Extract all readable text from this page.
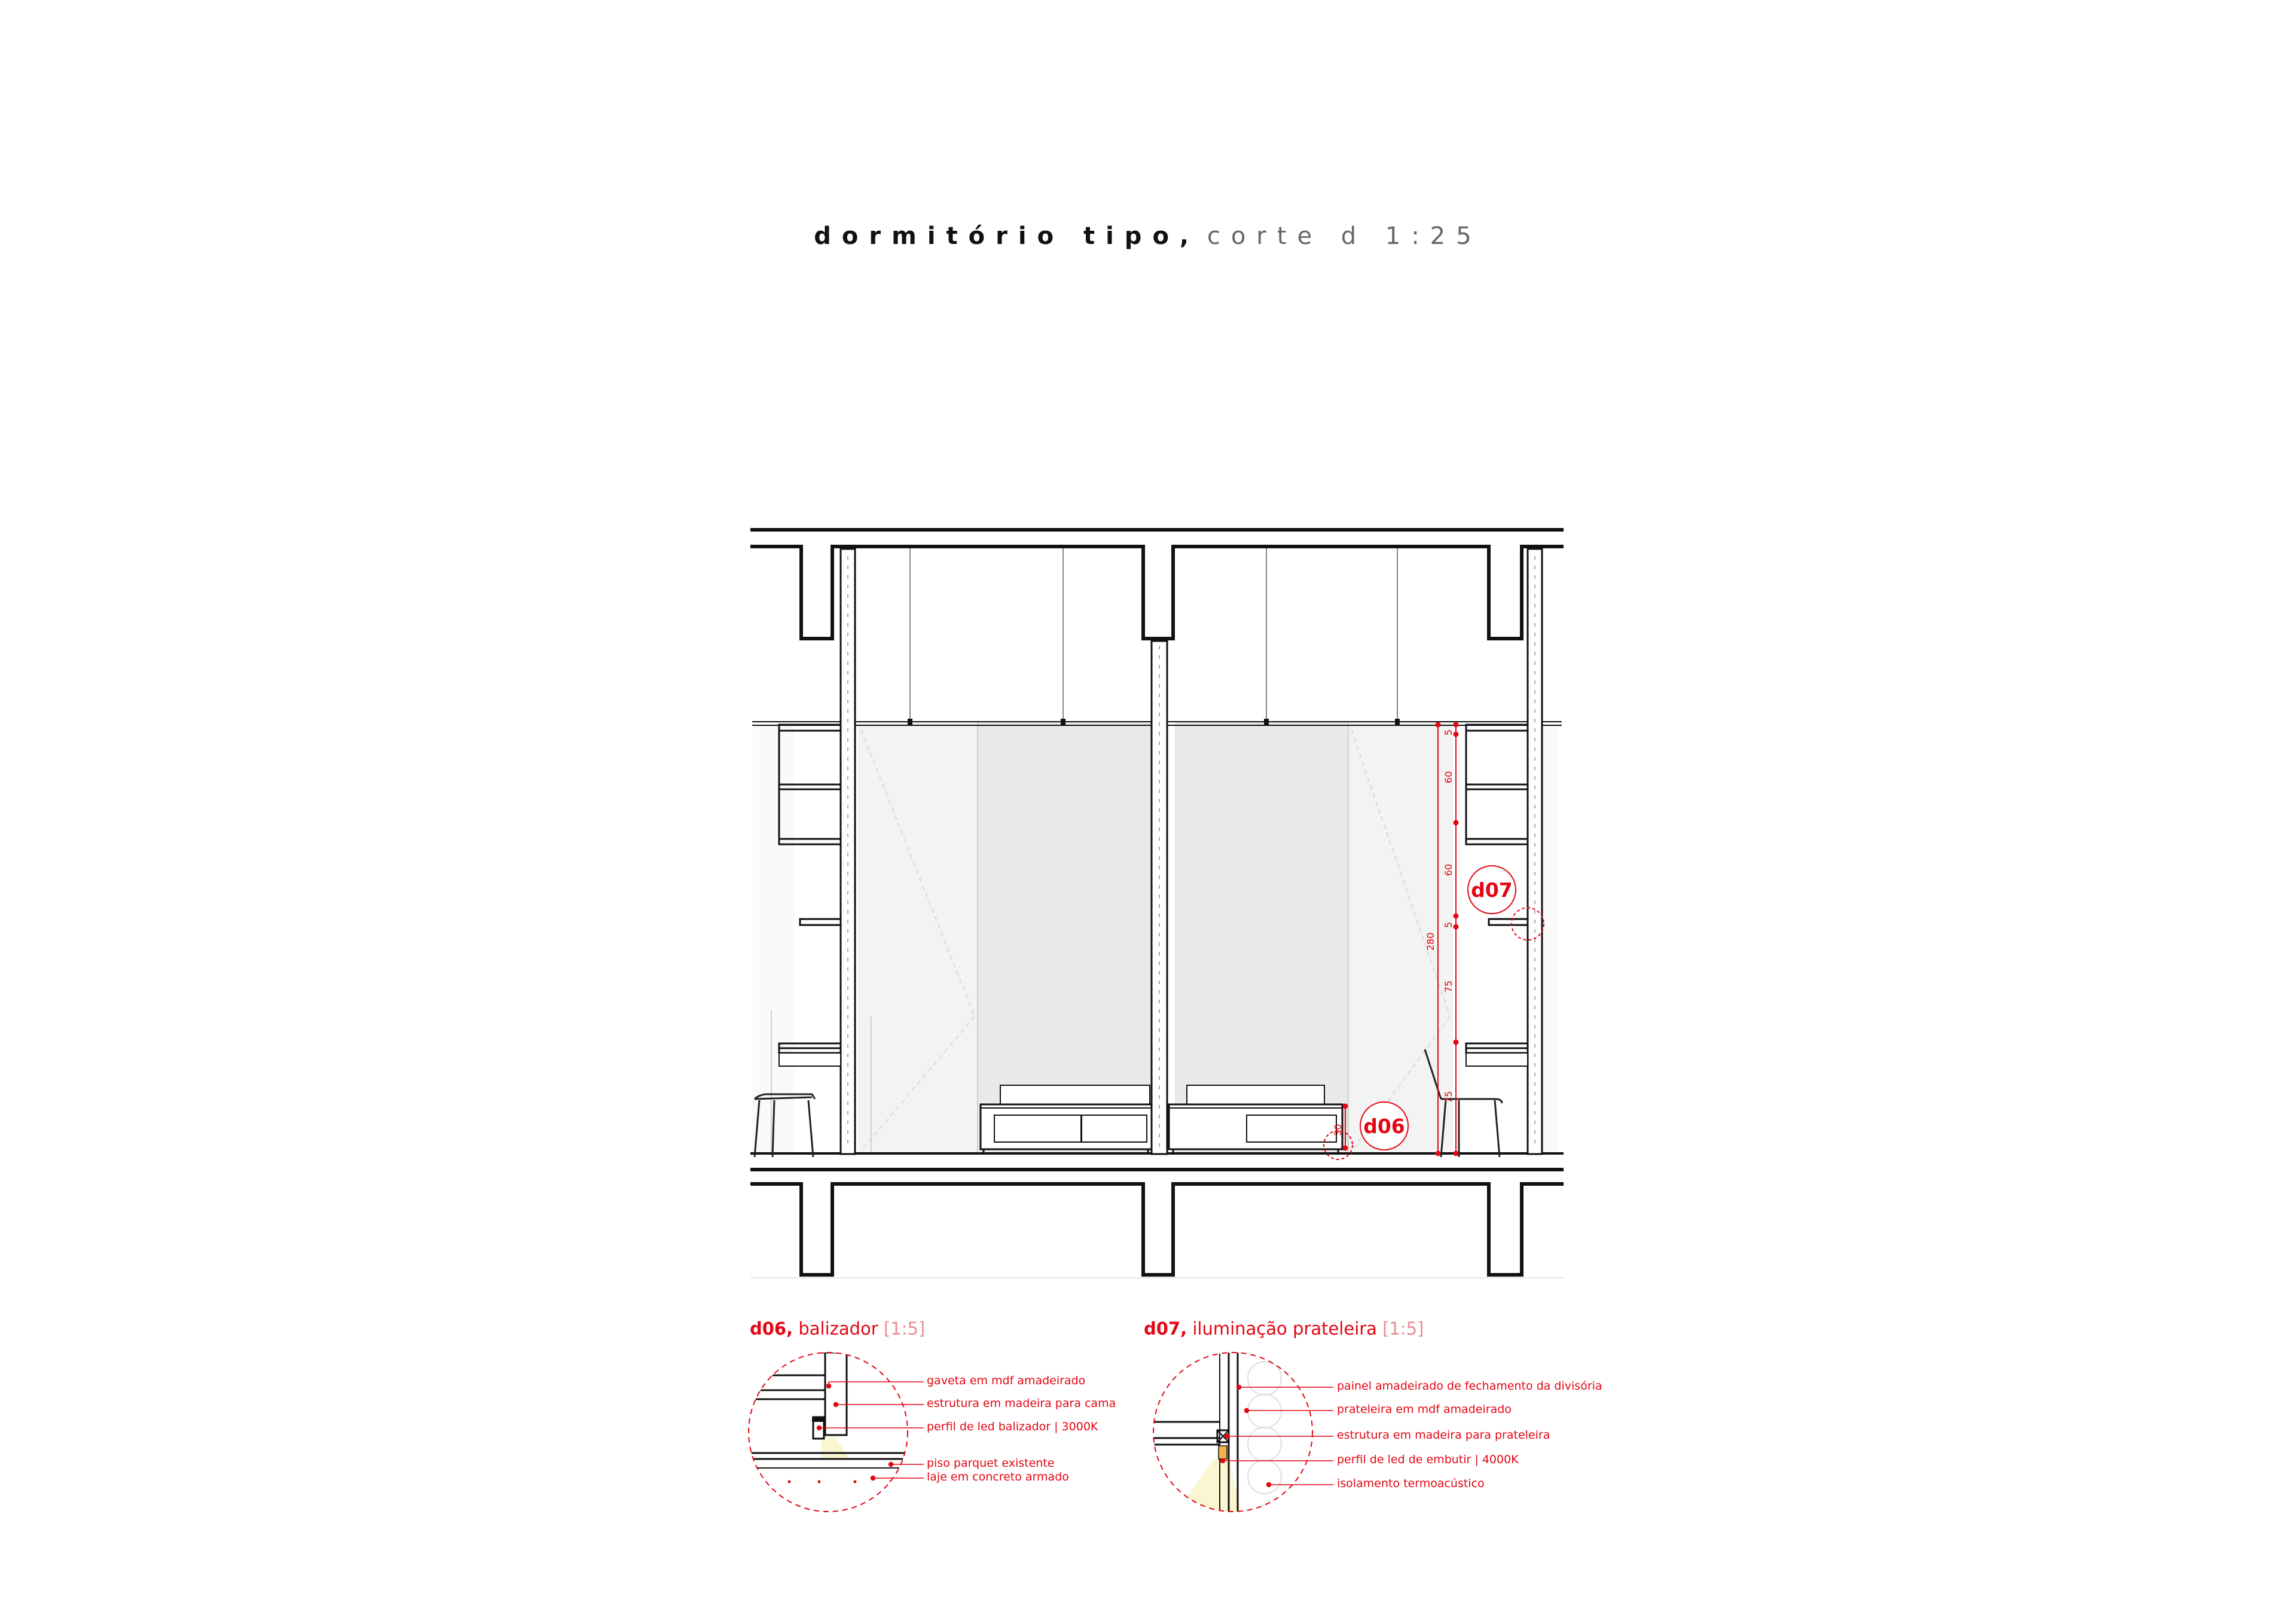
dormitório tipo, corte d 1:25
5
60
60
5
75
75
280
30 d06
d07
d06, balizador [1:5]	d07, iluminação prateleira [1:5]
gaveta em mdf amadeirado
estrutura em madeira para cama
perfil de led balizador | 3000K
piso parquet existente
laje em concreto armado
painel amadeirado de fechamento da divisória
prateleira em mdf amadeirado
estrutura em madeira para prateleira
perfil de led de embutir | 4000K
isolamento termoacústico
